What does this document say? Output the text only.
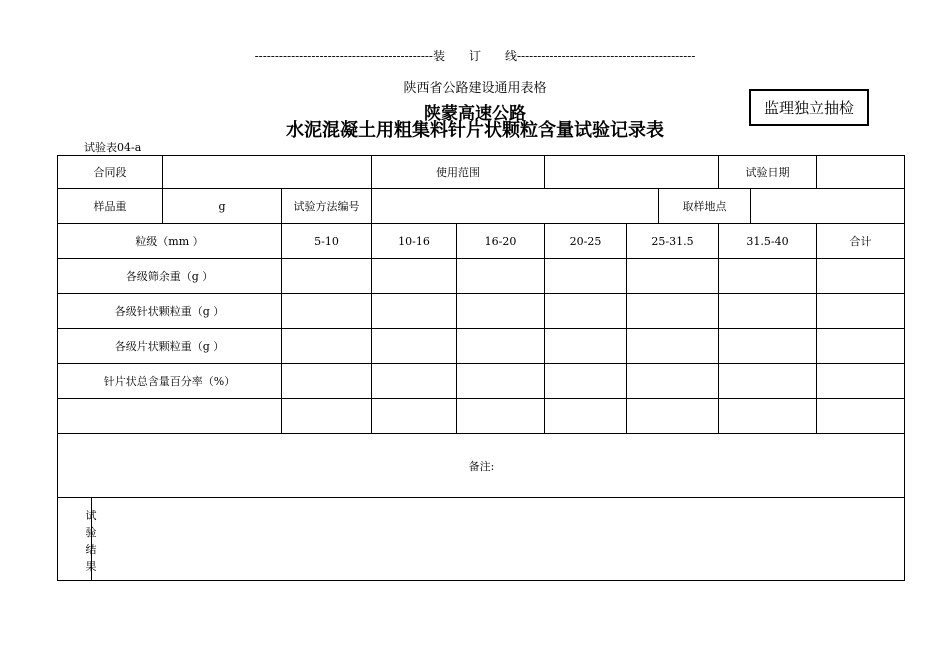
--------------------------------------------装　　订　　线--------------------------------------------
陕西省公路建设通用表格
陕蒙高速公路
水泥混凝土用粗集料针片状颗粒含量试验记录表
监理独立抽检
试验表04-a
合同段			使用范围					试验日期		
样品重	g	试验方法编号					取样地点			
粒级（mm ）		5-10	10-16	16-20	20-25	25-31.5		31.5-40		合计
各级筛余重（g ）										
各级针状颗粒重（g ）										
各级片状颗粒重（g ）										
针片状总含量百分率（%）										

备注:										

试验结果										
